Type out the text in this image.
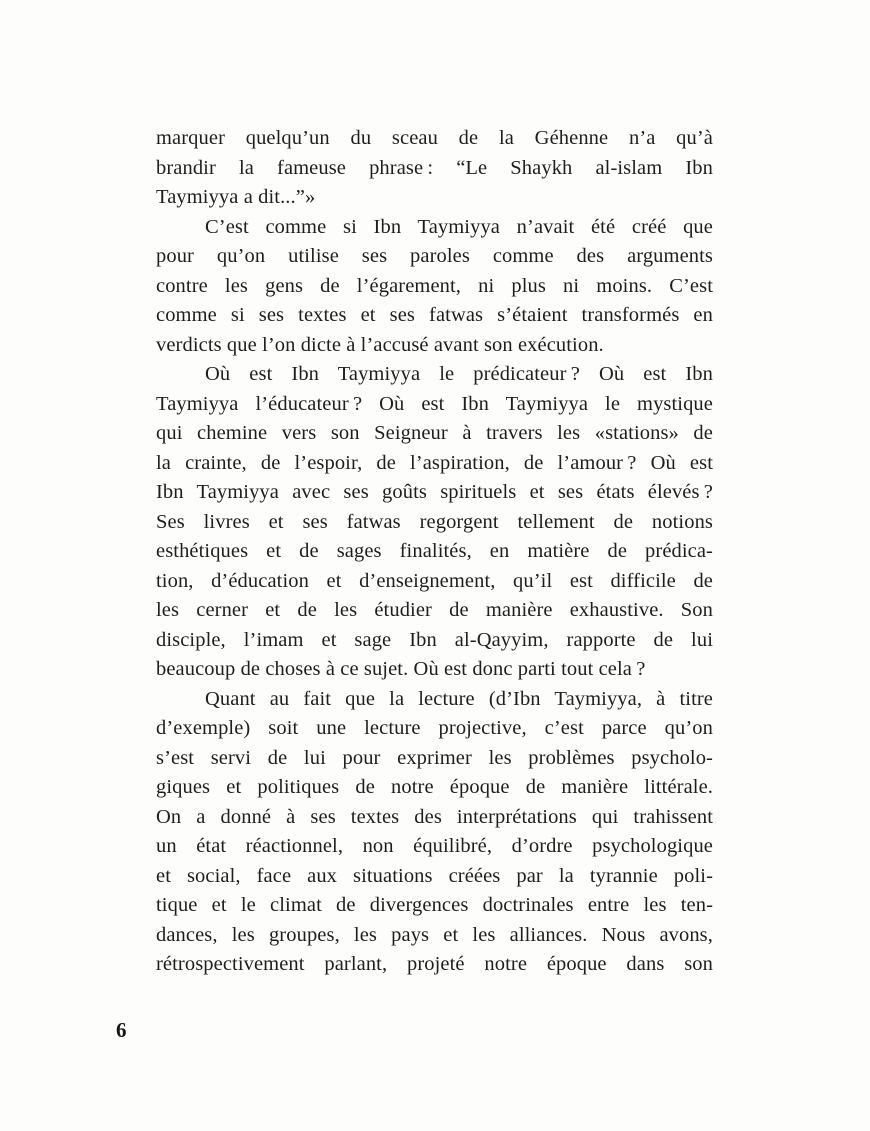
marquer quelqu’un du sceau de la Géhenne n’a qu’à
brandir la fameuse phrase : “Le Shaykh al-islam Ibn
Taymiyya a dit...”»
C’est comme si Ibn Taymiyya n’avait été créé que
pour qu’on utilise ses paroles comme des arguments
contre les gens de l’égarement, ni plus ni moins. C’est
comme si ses textes et ses fatwas s’étaient transformés en
verdicts que l’on dicte à l’accusé avant son exécution.
Où est Ibn Taymiyya le prédicateur ? Où est Ibn
Taymiyya l’éducateur ? Où est Ibn Taymiyya le mystique
qui chemine vers son Seigneur à travers les «stations» de
la crainte, de l’espoir, de l’aspiration, de l’amour ? Où est
Ibn Taymiyya avec ses goûts spirituels et ses états élevés ?
Ses livres et ses fatwas regorgent tellement de notions
esthétiques et de sages finalités, en matière de prédica-
tion, d’éducation et d’enseignement, qu’il est difficile de
les cerner et de les étudier de manière exhaustive. Son
disciple, l’imam et sage Ibn al-Qayyim, rapporte de lui
beaucoup de choses à ce sujet. Où est donc parti tout cela ?
Quant au fait que la lecture (d’Ibn Taymiyya, à titre
d’exemple) soit une lecture projective, c’est parce qu’on
s’est servi de lui pour exprimer les problèmes psycholo-
giques et politiques de notre époque de manière littérale.
On a donné à ses textes des interprétations qui trahissent
un état réactionnel, non équilibré, d’ordre psychologique
et social, face aux situations créées par la tyrannie poli-
tique et le climat de divergences doctrinales entre les ten-
dances, les groupes, les pays et les alliances. Nous avons,
rétrospectivement parlant, projeté notre époque dans son
6
